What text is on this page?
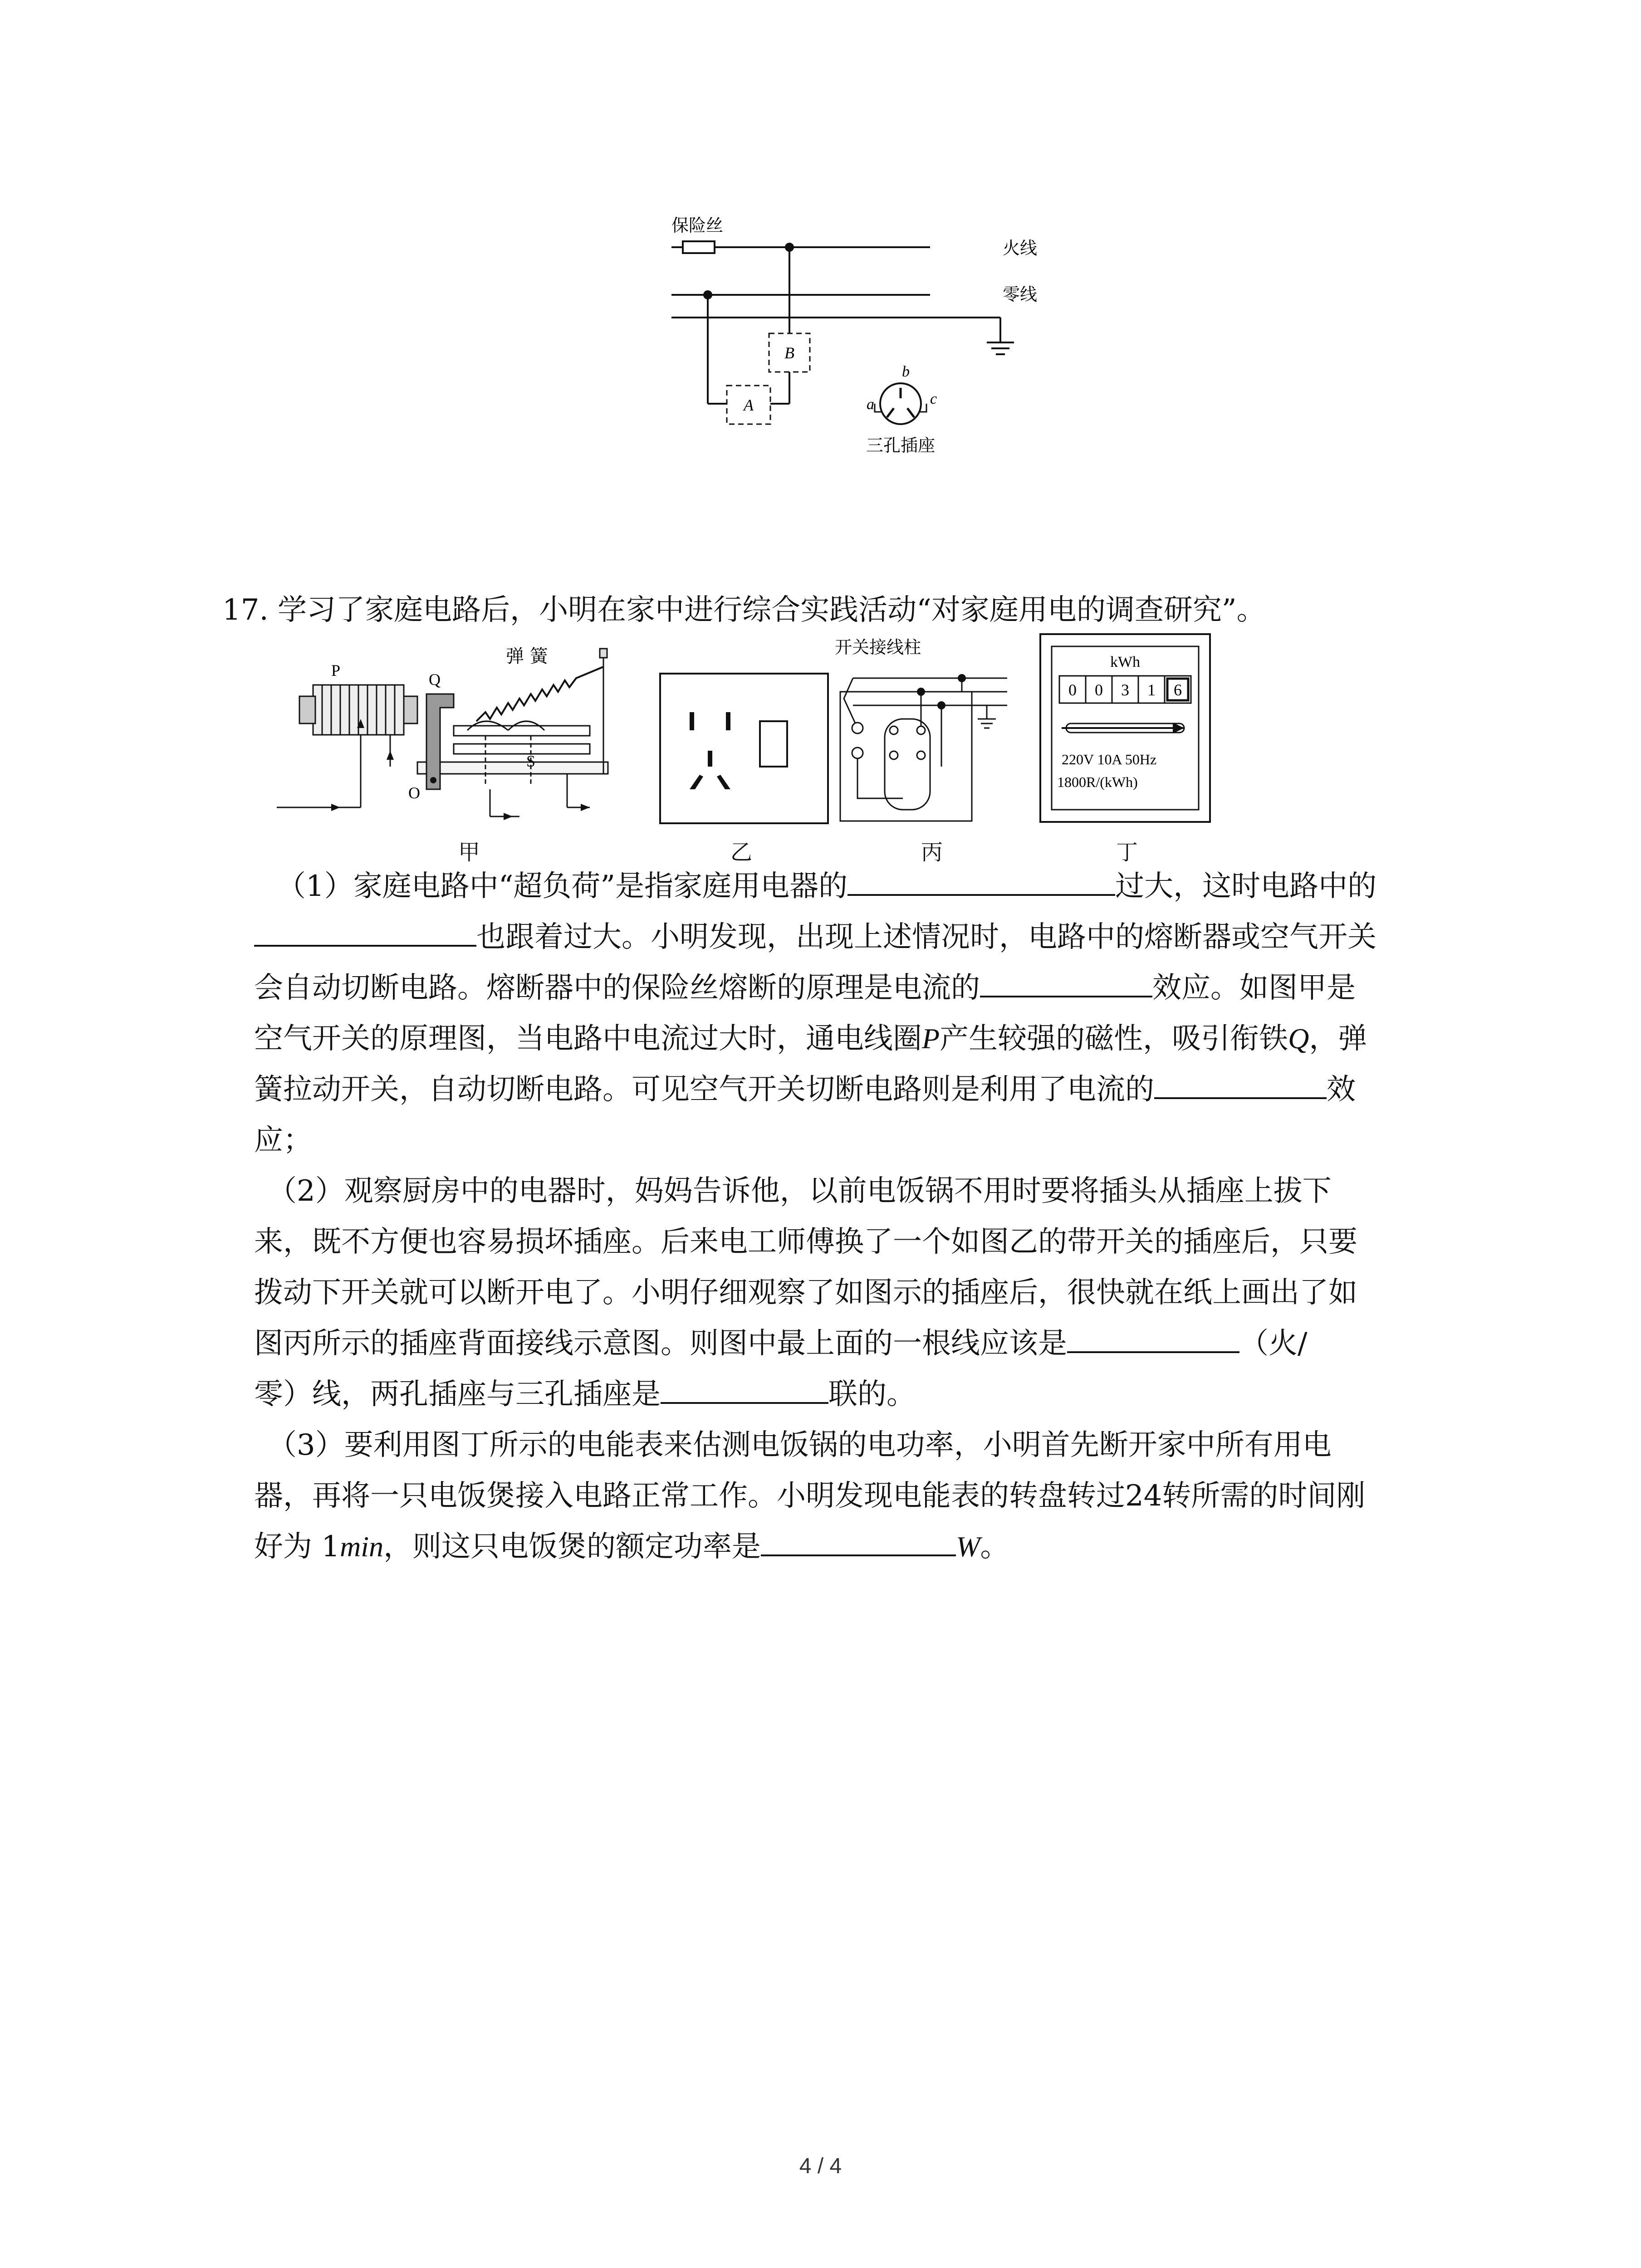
B
A	a
b
c
保险丝
火线
零线
三孔插座
17. 学习了家庭电路后，小明在家中进行综合实践活动“对家庭用电的调查研究”。
弹 簧
P	Q
S
O
甲	乙
开关接线柱
丙
kWh
0 0 3 1 6
220V 10A 50Hz
1800R/(kWh)
丁

（1）家庭电路中“超负荷”是指家庭用电器的	过大，这时电路中的

也跟着过大。小明发现，出现上述情况时，电路中的熔断器或空气开关

会自动切断电路。熔断器中的保险丝熔断的原理是电流的	效应。如图甲是

空气开关的原理图，当电路中电流过大时，通电线圈P产生较强的磁性，吸引衔铁Q，弹

簧拉动开关，自动切断电路。可见空气开关切断电路则是利用了电流的	效

应；

（2）观察厨房中的电器时，妈妈告诉他，以前电饭锅不用时要将插头从插座上拔下

来，既不方便也容易损坏插座。后来电工师傅换了一个如图乙的带开关的插座后，只要

拨动下开关就可以断开电了。小明仔细观察了如图示的插座后，很快就在纸上画出了如

图丙所示的插座背面接线示意图。则图中最上面的一根线应该是	（火/

零）线，两孔插座与三孔插座是	联的。

（3）要利用图丁所示的电能表来估测电饭锅的电功率，小明首先断开家中所有用电

器，再将一只电饭煲接入电路正常工作。小明发现电能表的转盘转过24转所需的时间刚

好为 1min，则这只电饭煲的额定功率是	W。

4 / 4
